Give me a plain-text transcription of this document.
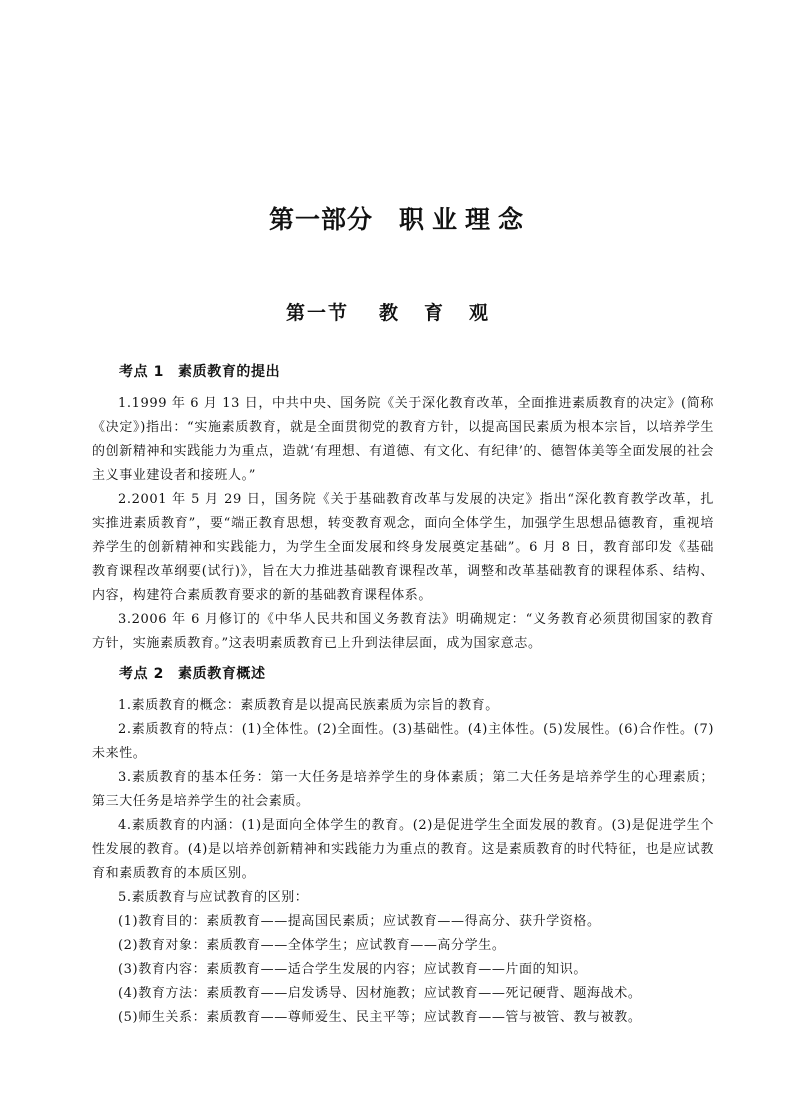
第一部分 职业理念
第一节 教育观
考点 1 素质教育的提出

1.1999 年 6 月 13 日，中共中央、国务院《关于深化教育改革，全面推进素质教育的决定》(简称《决定》)指出：“实施素质教育，就是全面贯彻党的教育方针，以提高国民素质为根本宗旨，以培养学生的创新精神和实践能力为重点，造就‘有理想、有道德、有文化、有纪律’的、德智体美等全面发展的社会主义事业建设者和接班人。”

2.2001 年 5 月 29 日，国务院《关于基础教育改革与发展的决定》指出“深化教育教学改革，扎实推进素质教育”，要“端正教育思想，转变教育观念，面向全体学生，加强学生思想品德教育，重视培养学生的创新精神和实践能力，为学生全面发展和终身发展奠定基础”。6 月 8 日，教育部印发《基础教育课程改革纲要(试行)》，旨在大力推进基础教育课程改革，调整和改革基础教育的课程体系、结构、内容，构建符合素质教育要求的新的基础教育课程体系。

3.2006 年 6 月修订的《中华人民共和国义务教育法》明确规定：“义务教育必须贯彻国家的教育方针，实施素质教育。”这表明素质教育已上升到法律层面，成为国家意志。

考点 2 素质教育概述

1.素质教育的概念：素质教育是以提高民族素质为宗旨的教育。

2.素质教育的特点：(1)全体性。(2)全面性。(3)基础性。(4)主体性。(5)发展性。(6)合作性。(7)未来性。

3.素质教育的基本任务：第一大任务是培养学生的身体素质；第二大任务是培养学生的心理素质；第三大任务是培养学生的社会素质。

4.素质教育的内涵：(1)是面向全体学生的教育。(2)是促进学生全面发展的教育。(3)是促进学生个性发展的教育。(4)是以培养创新精神和实践能力为重点的教育。这是素质教育的时代特征，也是应试教育和素质教育的本质区别。

5.素质教育与应试教育的区别：

(1)教育目的：素质教育——提高国民素质；应试教育——得高分、获升学资格。

(2)教育对象：素质教育——全体学生；应试教育——高分学生。

(3)教育内容：素质教育——适合学生发展的内容；应试教育——片面的知识。

(4)教育方法：素质教育——启发诱导、因材施教；应试教育——死记硬背、题海战术。

(5)师生关系：素质教育——尊师爱生、民主平等；应试教育——管与被管、教与被教。
